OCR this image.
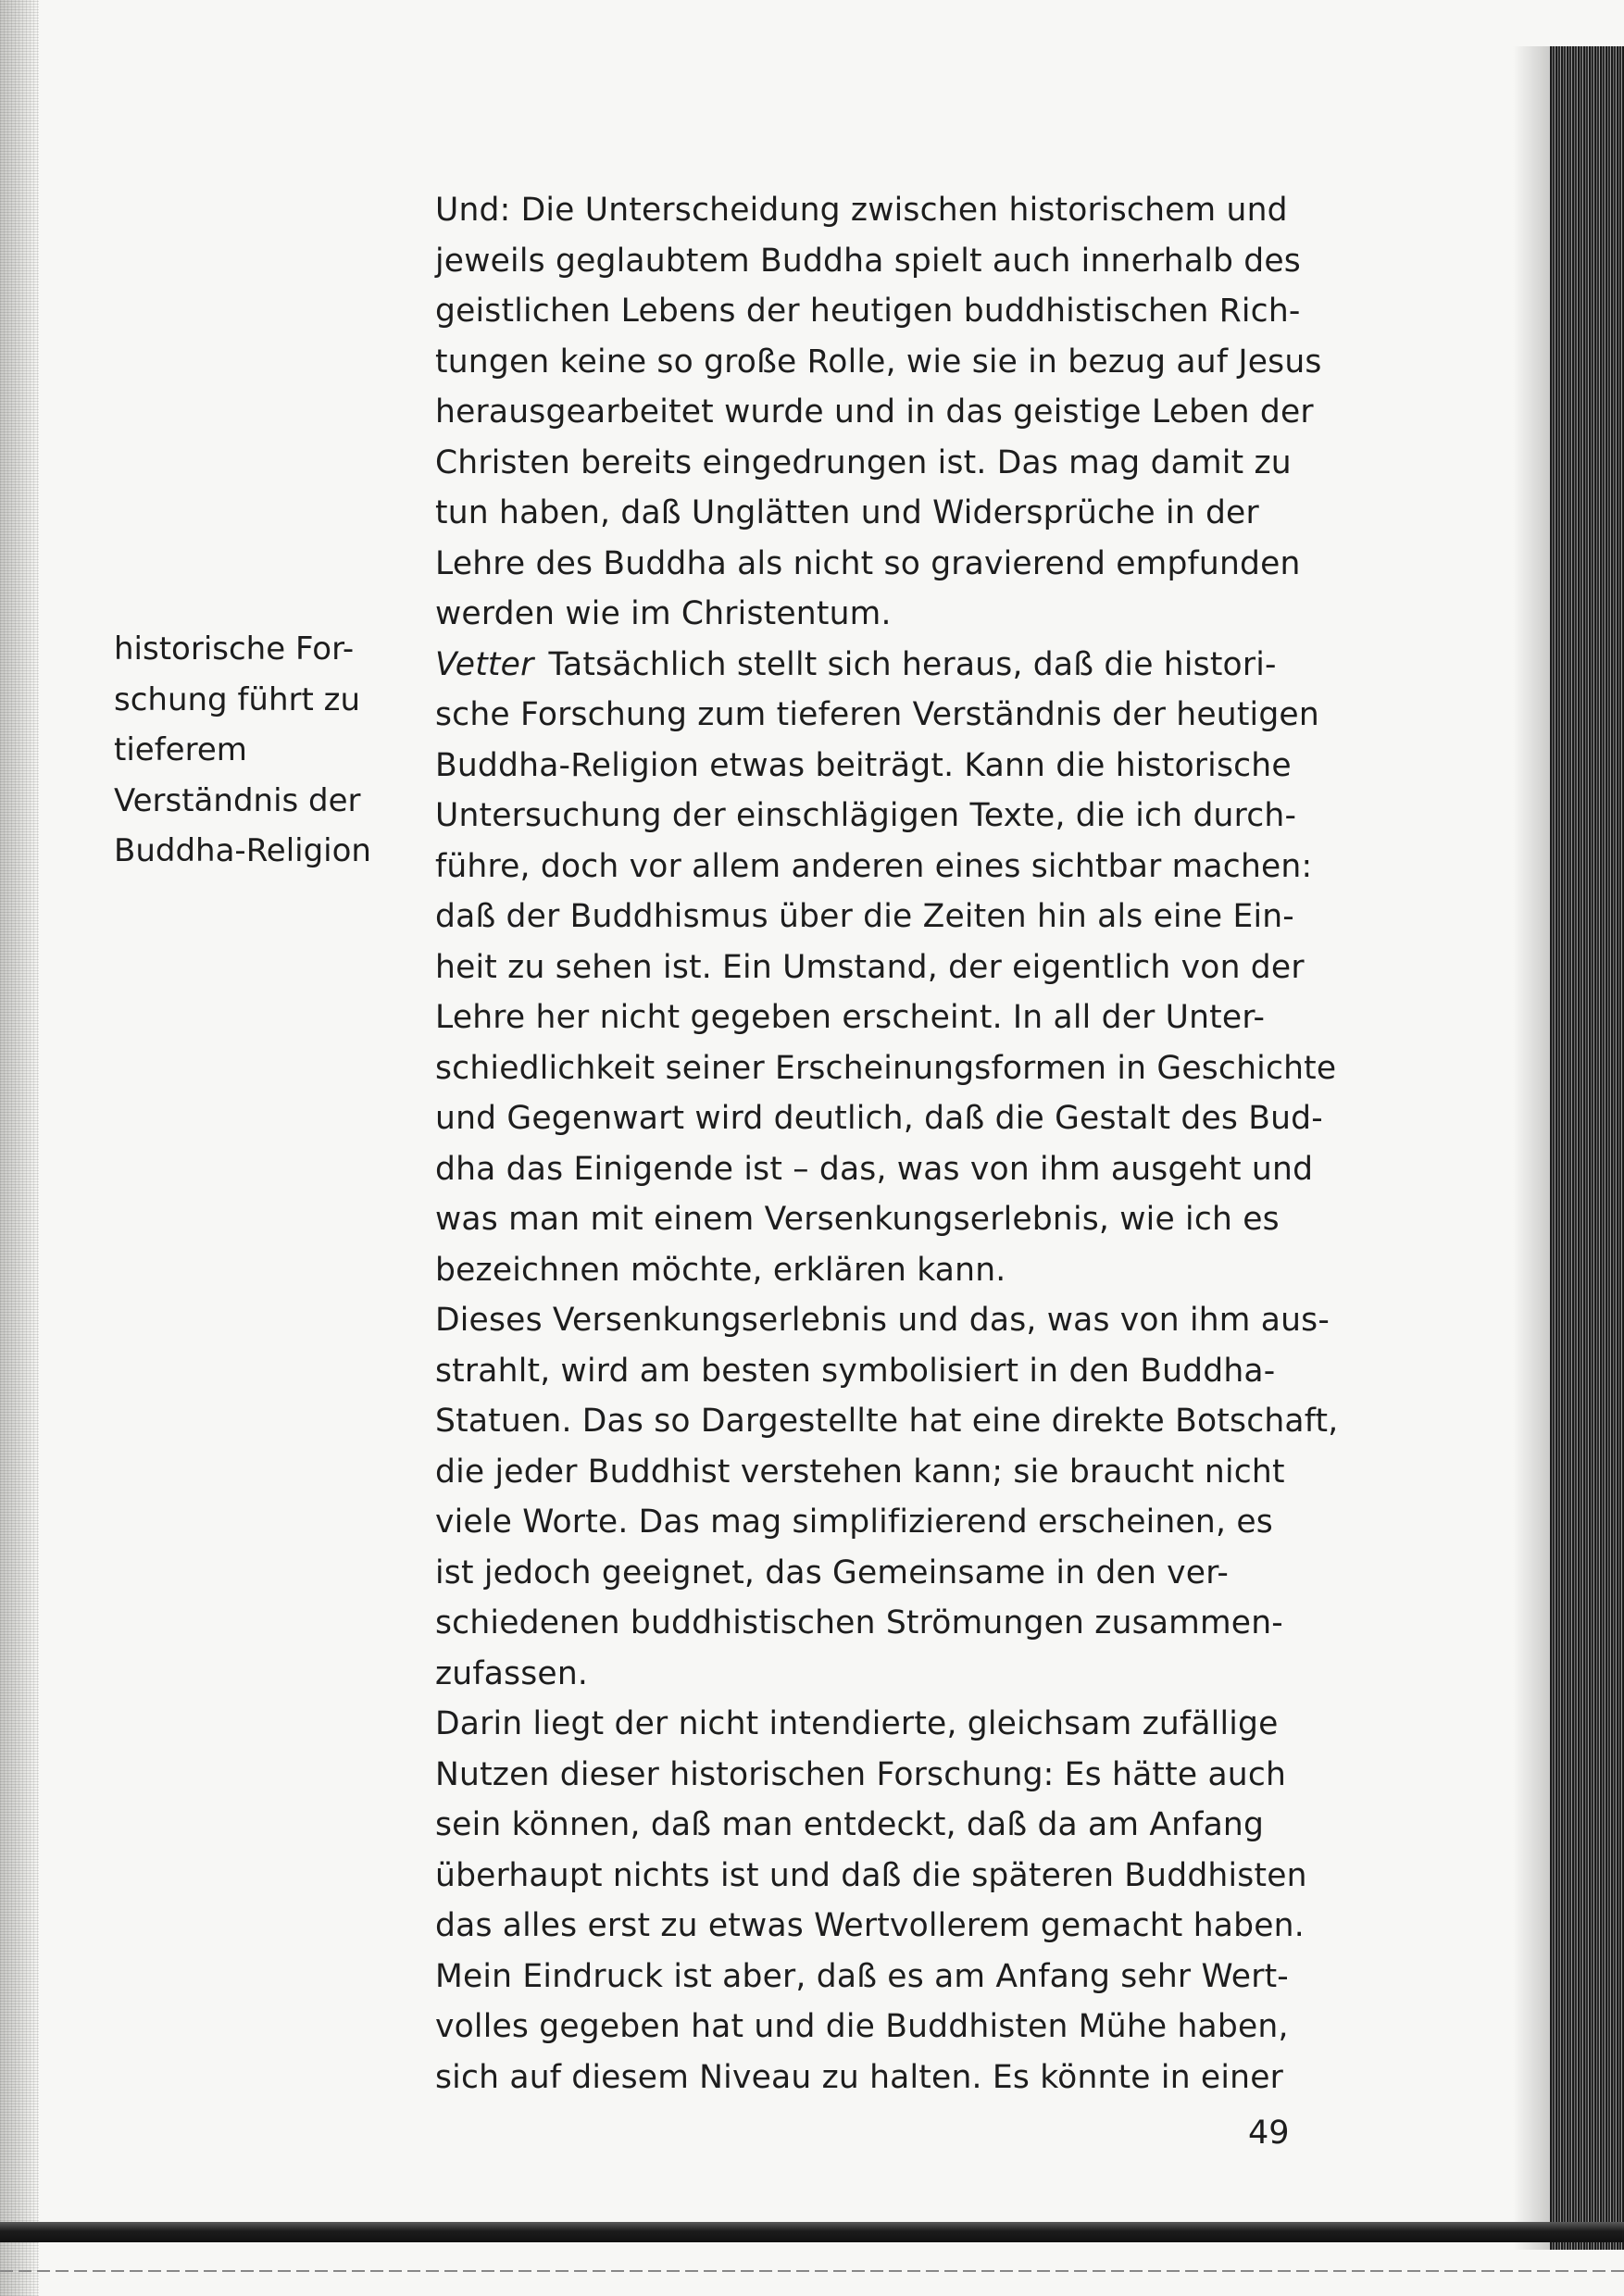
historische For-
schung führt zu
tieferem
Verständnis der
Buddha-Religion
Und: Die Unterscheidung zwischen historischem und
jeweils geglaubtem Buddha spielt auch innerhalb des
geistlichen Lebens der heutigen buddhistischen Rich-
tungen keine so große Rolle, wie sie in bezug auf Jesus
herausgearbeitet wurde und in das geistige Leben der
Christen bereits eingedrungen ist. Das mag damit zu
tun haben, daß Unglätten und Widersprüche in der
Lehre des Buddha als nicht so gravierend empfunden
werden wie im Christentum.
Vetter Tatsächlich stellt sich heraus, daß die histori-
sche Forschung zum tieferen Verständnis der heutigen
Buddha-Religion etwas beiträgt. Kann die historische
Untersuchung der einschlägigen Texte, die ich durch-
führe, doch vor allem anderen eines sichtbar machen:
daß der Buddhismus über die Zeiten hin als eine Ein-
heit zu sehen ist. Ein Umstand, der eigentlich von der
Lehre her nicht gegeben erscheint. In all der Unter-
schiedlichkeit seiner Erscheinungsformen in Geschichte
und Gegenwart wird deutlich, daß die Gestalt des Bud-
dha das Einigende ist – das, was von ihm ausgeht und
was man mit einem Versenkungserlebnis, wie ich es
bezeichnen möchte, erklären kann.
Dieses Versenkungserlebnis und das, was von ihm aus-
strahlt, wird am besten symbolisiert in den Buddha-
Statuen. Das so Dargestellte hat eine direkte Botschaft,
die jeder Buddhist verstehen kann; sie braucht nicht
viele Worte. Das mag simplifizierend erscheinen, es
ist jedoch geeignet, das Gemeinsame in den ver-
schiedenen buddhistischen Strömungen zusammen-
zufassen.
Darin liegt der nicht intendierte, gleichsam zufällige
Nutzen dieser historischen Forschung: Es hätte auch
sein können, daß man entdeckt, daß da am Anfang
überhaupt nichts ist und daß die späteren Buddhisten
das alles erst zu etwas Wertvollerem gemacht haben.
Mein Eindruck ist aber, daß es am Anfang sehr Wert-
volles gegeben hat und die Buddhisten Mühe haben,
sich auf diesem Niveau zu halten. Es könnte in einer
49
